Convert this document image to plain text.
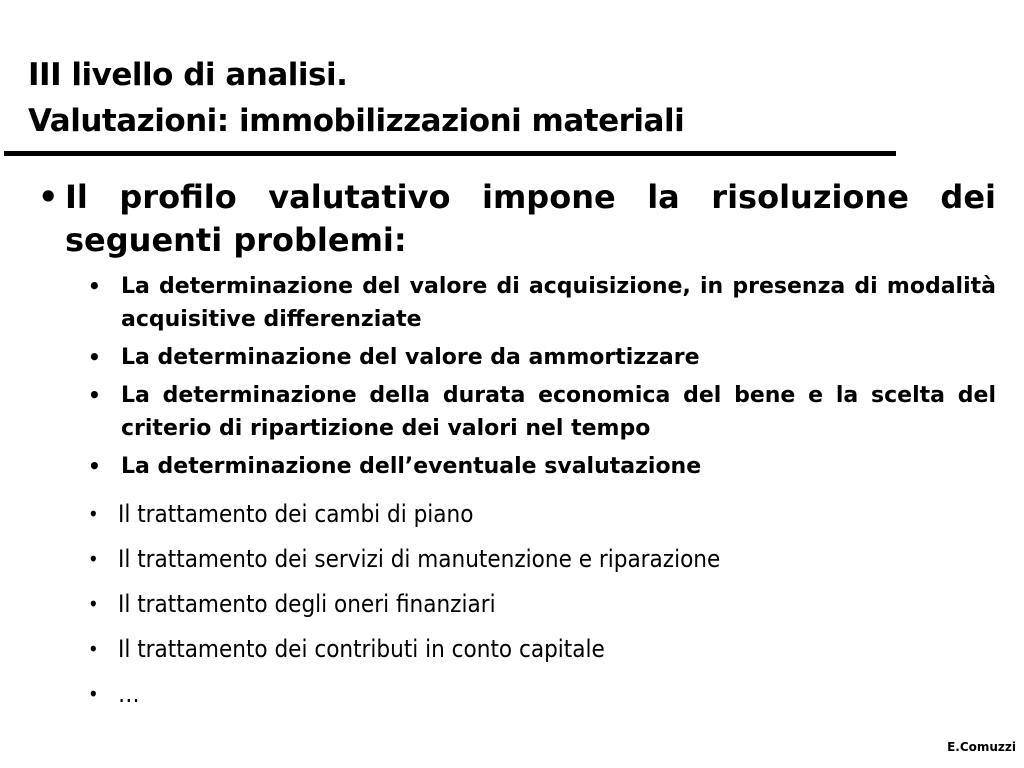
III livello di analisi.
Valutazioni: immobilizzazioni materiali
• Il profilo valutativo impone la risoluzione dei seguenti problemi:
• La determinazione del valore di acquisizione, in presenza di modalità acquisitive differenziate
• La determinazione del valore da ammortizzare
• La determinazione della durata economica del bene e la scelta del criterio di ripartizione dei valori nel tempo
• La determinazione dell’eventuale svalutazione
• Il trattamento dei cambi di piano
• Il trattamento dei servizi di manutenzione e riparazione
• Il trattamento degli oneri finanziari
• Il trattamento dei contributi in conto capitale
• …
E.Comuzzi
